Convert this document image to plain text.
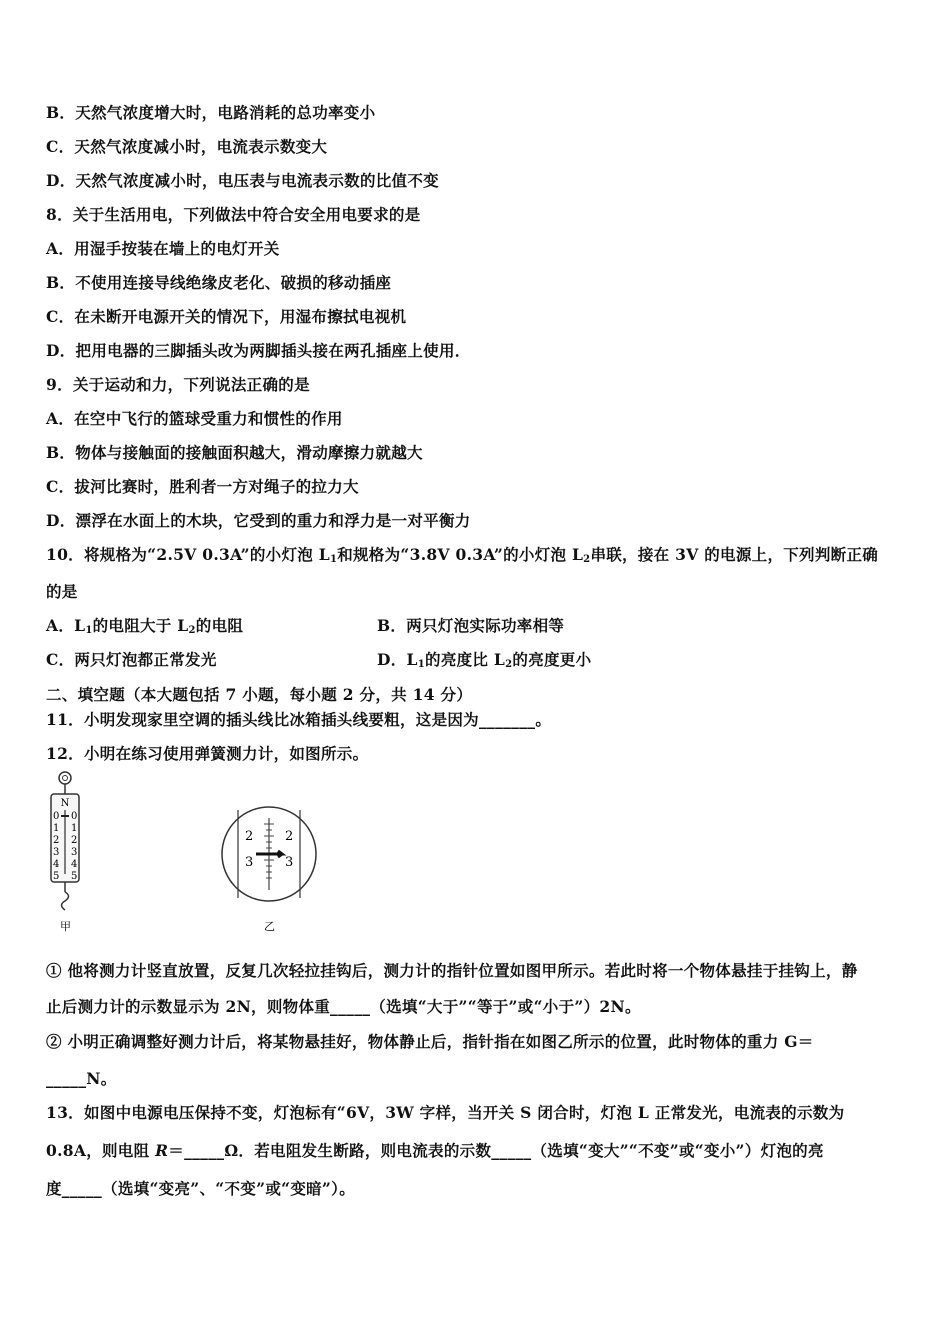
B．天然气浓度增大时，电路消耗的总功率变小
C．天然气浓度减小时，电流表示数变大
D．天然气浓度减小时，电压表与电流表示数的比值不变
8．关于生活用电，下列做法中符合安全用电要求的是
A．用湿手按装在墙上的电灯开关
B．不使用连接导线绝缘皮老化、破损的移动插座
C．在未断开电源开关的情况下，用湿布擦拭电视机
D．把用电器的三脚插头改为两脚插头接在两孔插座上使用．
9．关于运动和力，下列说法正确的是
A．在空中飞行的篮球受重力和惯性的作用
B．物体与接触面的接触面积越大，滑动摩擦力就越大
C．拔河比赛时，胜利者一方对绳子的拉力大
D．漂浮在水面上的木块，它受到的重力和浮力是一对平衡力
10．将规格为“2.5V 0.3A”的小灯泡 $L_1$和规格为“3.8V 0.3A”的小灯泡 $L_2$串联，接在 3V 的电源上，下列判断正确
的是
A．$L_1$的电阻大于 $L_2$的电阻	B．两只灯泡实际功率相等
C．两只灯泡都正常发光	D．$L_1$的亮度比 $L_2$的亮度更小
二、填空题（本大题包括 7 小题，每小题 2 分，共 14 分）
11．小明发现家里空调的插头线比冰箱插头线要粗，这是因为_______。
12．小明在练习使用弹簧测力计，如图所示。
N
0
1
2
3
4
5
0
1
2
3
4
5
甲
2
3
2
3
乙
① 他将测力计竖直放置，反复几次轻拉挂钩后，测力计的指针位置如图甲所示。若此时将一个物体悬挂于挂钩上，静
止后测力计的示数显示为 2N，则物体重_____（选填“大于”“等于”或“小于”）2N。
② 小明正确调整好测力计后，将某物悬挂好，物体静止后，指针指在如图乙所示的位置，此时物体的重力 G＝
_____N。
13．如图中电源电压保持不变，灯泡标有“6V，3W 字样，当开关 S 闭合时，灯泡 L 正常发光，电流表的示数为
0.8A，则电阻 R＝_____Ω．若电阻发生断路，则电流表的示数_____（选填“变大”“不变”或“变小”）灯泡的亮
度_____（选填“变亮”、“不变”或“变暗”）。
